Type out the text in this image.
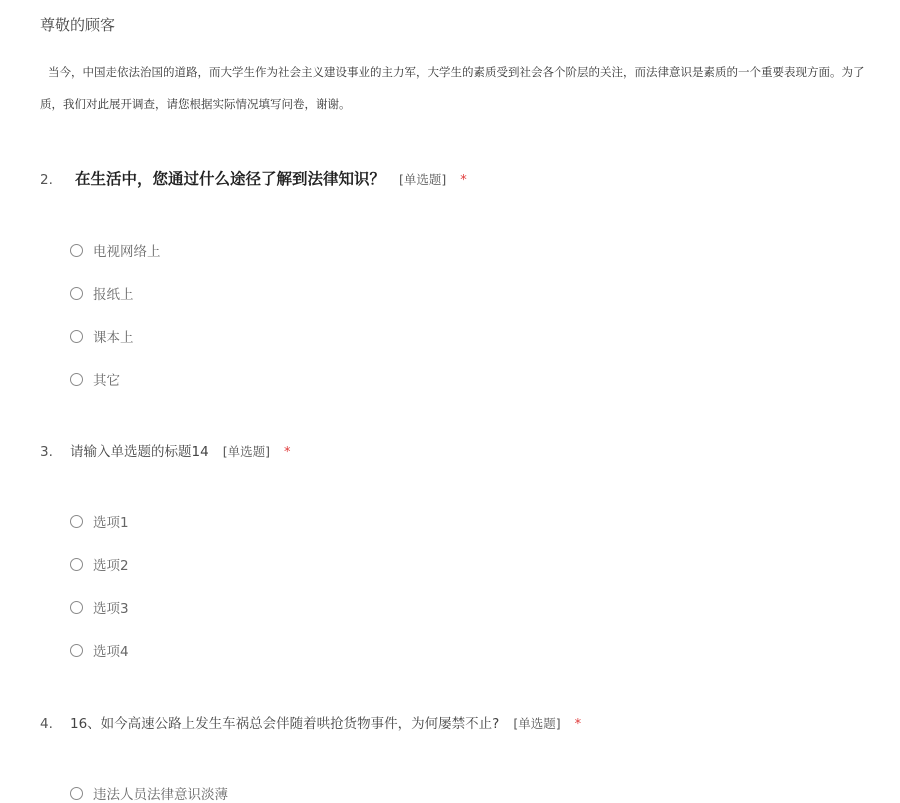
尊敬的顾客
当今，中国走依法治国的道路，而大学生作为社会主义建设事业的主力军，大学生的素质受到社会各个阶层的关注，而法律意识是素质的一个重要表现方面。为了
质，我们对此展开调查，请您根据实际情况填写问卷，谢谢。
2. 在生活中，您通过什么途径了解到法律知识？ [单选题] *
电视网络上
报纸上
课本上
其它
3. 请输入单选题的标题14 [单选题] *
选项1
选项2
选项3
选项4
4. 16、如今高速公路上发生车祸总会伴随着哄抢货物事件，为何屡禁不止? [单选题] *
违法人员法律意识淡薄
